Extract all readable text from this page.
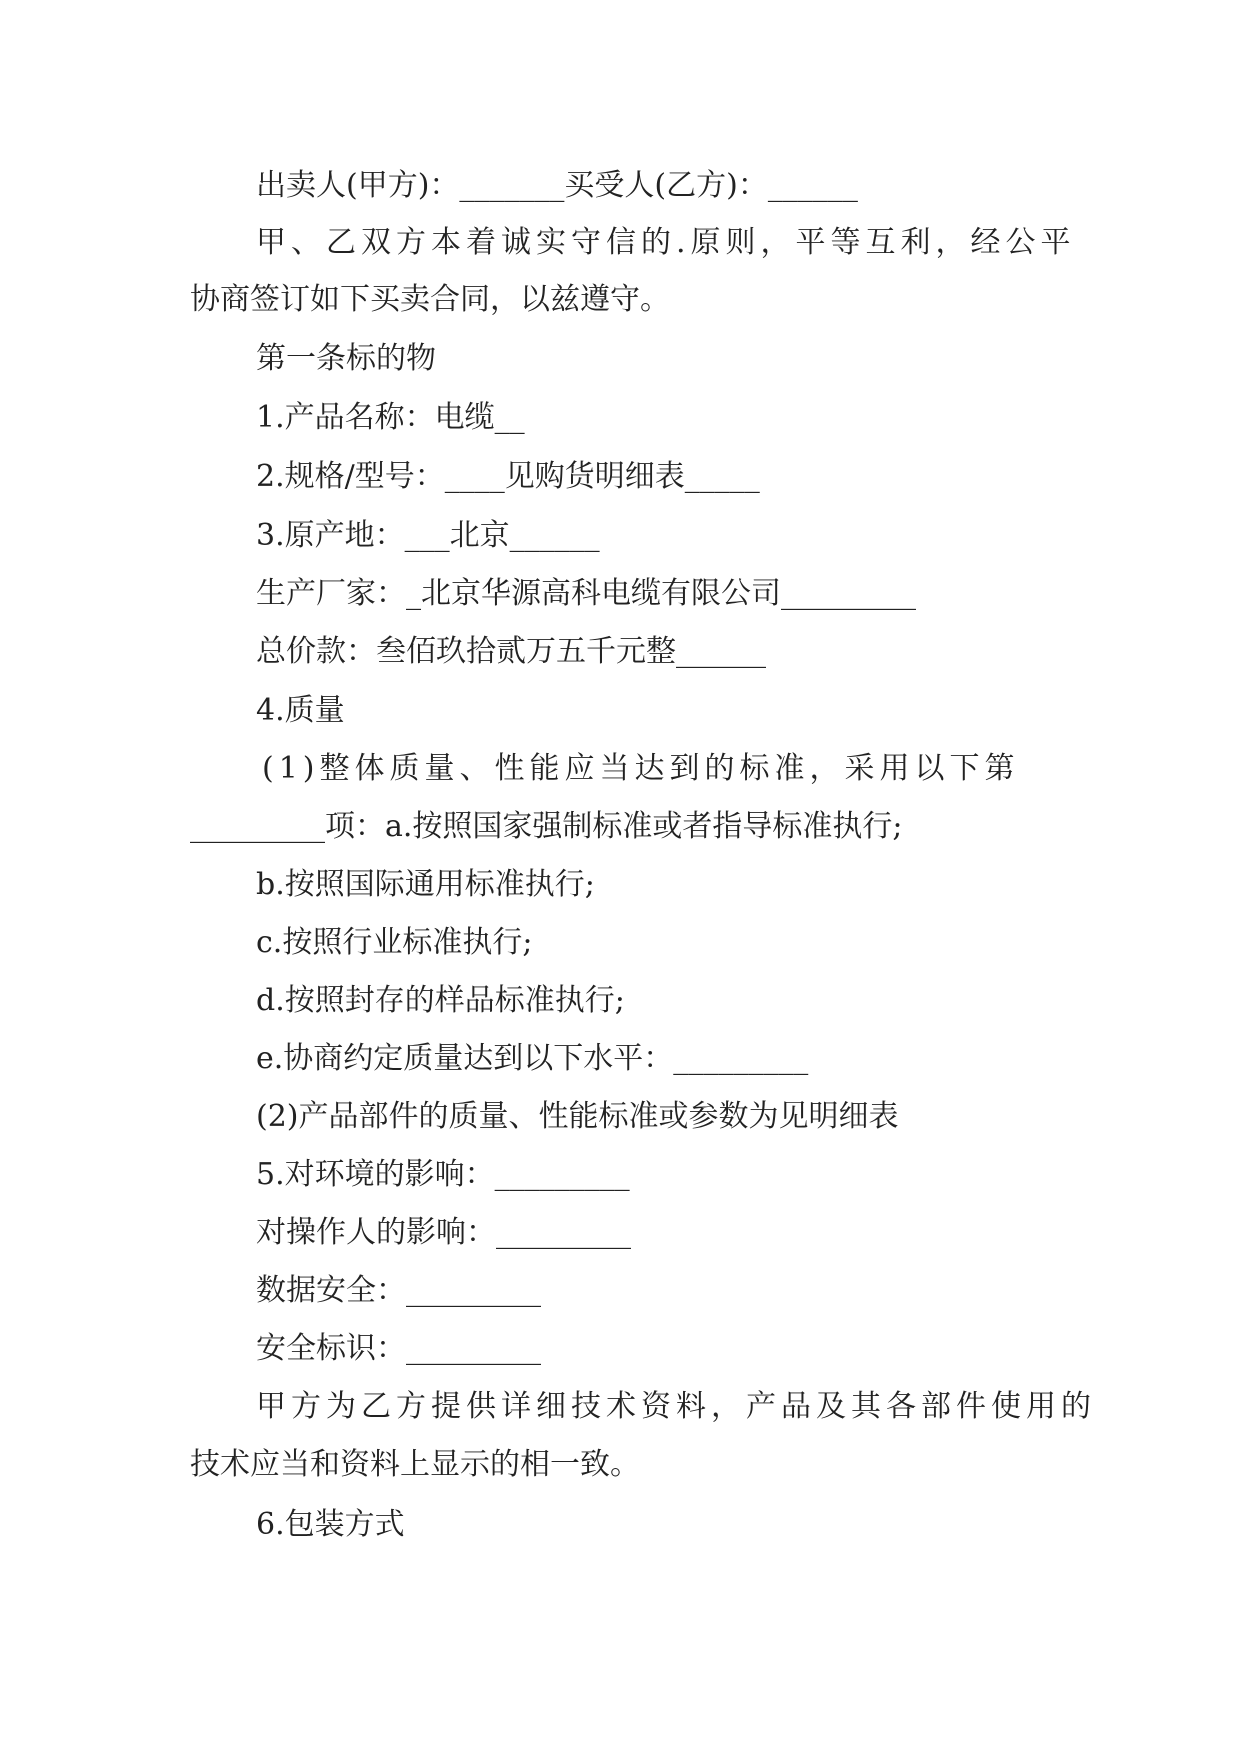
出卖人(甲方)：_______买受人(乙方)：______
甲、乙双方本着诚实守信的.原则，平等互利，经公平
协商签订如下买卖合同，以兹遵守。
第一条标的物
1.产品名称：电缆__
2.规格/型号：____见购货明细表_____
3.原产地：___北京______
生产厂家：_北京华源高科电缆有限公司_________
总价款：叁佰玖拾贰万五千元整______
4.质量
(1)整体质量、性能应当达到的标准，采用以下第
_________项：a.按照国家强制标准或者指导标准执行;
b.按照国际通用标准执行;
c.按照行业标准执行;
d.按照封存的样品标准执行;
e.协商约定质量达到以下水平：_________
(2)产品部件的质量、性能标准或参数为见明细表
5.对环境的影响：_________
对操作人的影响：_________
数据安全：_________
安全标识：_________
甲方为乙方提供详细技术资料，产品及其各部件使用的
技术应当和资料上显示的相一致。
6.包装方式
